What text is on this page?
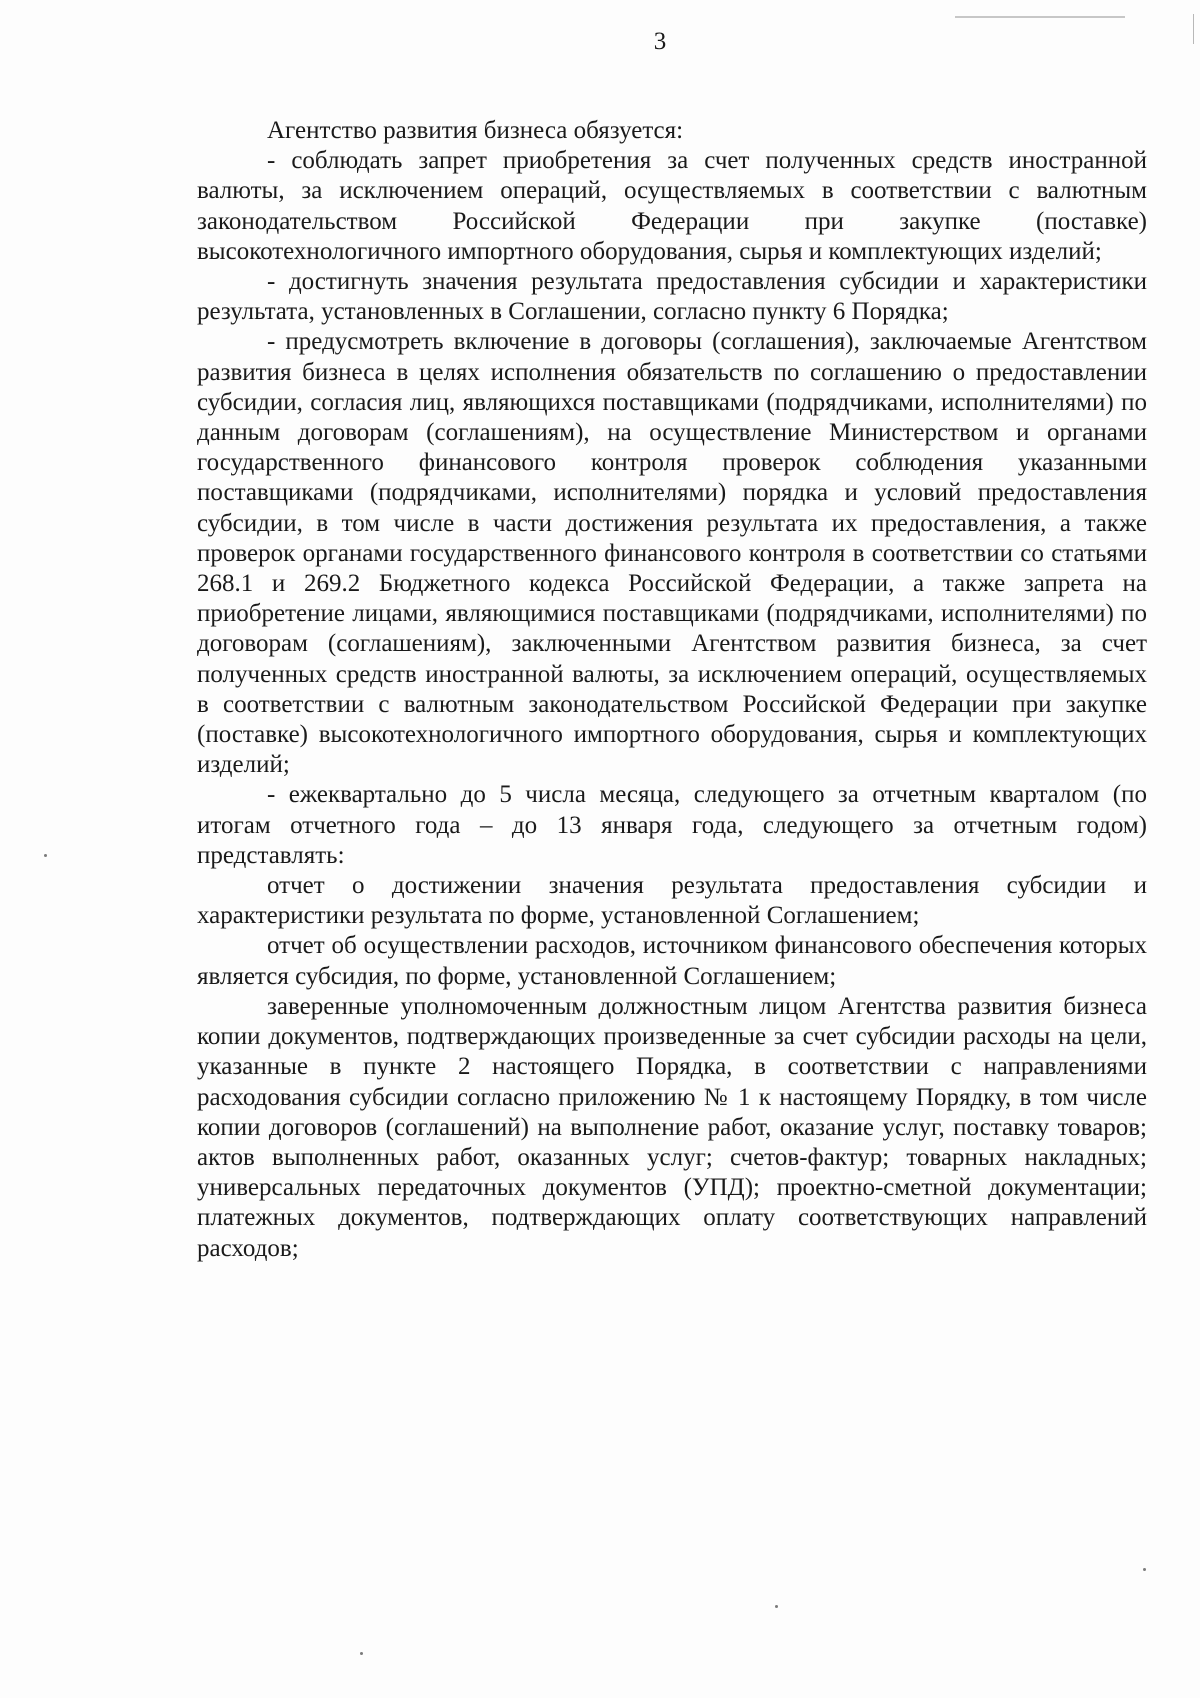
3

Агентство развития бизнеса обязуется:

- соблюдать запрет приобретения за счет полученных средств иностранной валюты, за исключением операций, осуществляемых в соответствии с валютным законодательством Российской Федерации при закупке (поставке) высокотехнологичного импортного оборудования, сырья и комплектующих изделий;

- достигнуть значения результата предоставления субсидии и характеристики результата, установленных в Соглашении, согласно пункту 6 Порядка;

- предусмотреть включение в договоры (соглашения), заключаемые Агентством развития бизнеса в целях исполнения обязательств по соглашению о предоставлении субсидии, согласия лиц, являющихся поставщиками (подрядчиками, исполнителями) по данным договорам (соглашениям), на осуществление Министерством и органами государственного финансового контроля проверок соблюдения указанными поставщиками (подрядчиками, исполнителями) порядка и условий предоставления субсидии, в том числе в части достижения результата их предоставления, а также проверок органами государственного финансового контроля в соответствии со статьями 268.1 и 269.2 Бюджетного кодекса Российской Федерации, а также запрета на приобретение лицами, являющимися поставщиками (подрядчиками, исполнителями) по договорам (соглашениям), заключенными Агентством развития бизнеса, за счет полученных средств иностранной валюты, за исключением операций, осуществляемых в соответствии с валютным законодательством Российской Федерации при закупке (поставке) высокотехнологичного импортного оборудования, сырья и комплектующих изделий;

- ежеквартально до 5 числа месяца, следующего за отчетным кварталом (по итогам отчетного года – до 13 января года, следующего за отчетным годом) представлять:

отчет о достижении значения результата предоставления субсидии и характеристики результата по форме, установленной Соглашением;

отчет об осуществлении расходов, источником финансового обеспечения которых является субсидия, по форме, установленной Соглашением;

заверенные уполномоченным должностным лицом Агентства развития бизнеса копии документов, подтверждающих произведенные за счет субсидии расходы на цели, указанные в пункте 2 настоящего Порядка, в соответствии с направлениями расходования субсидии согласно приложению № 1 к настоящему Порядку, в том числе копии договоров (соглашений) на выполнение работ, оказание услуг, поставку товаров; актов выполненных работ, оказанных услуг; счетов-фактур; товарных накладных; универсальных передаточных документов (УПД); проектно-сметной документации; платежных документов, подтверждающих оплату соответствующих направлений расходов;
